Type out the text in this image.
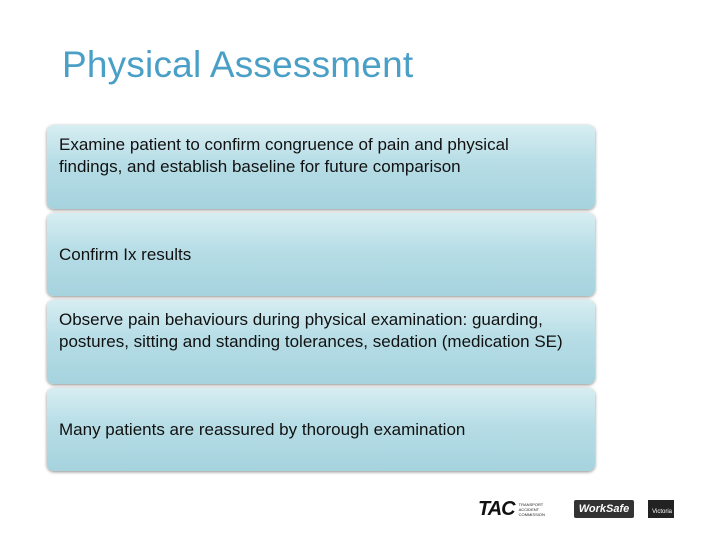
Physical Assessment
Examine patient to confirm congruence of pain and physical findings, and establish baseline for future comparison
Confirm Ix results
Observe pain behaviours during physical examination: guarding, postures, sitting and standing tolerances, sedation (medication SE)
Many patients are reassured by thorough examination
TAC TRANSPORT ACCIDENT COMMISSION	WorkSafe	Victoria
